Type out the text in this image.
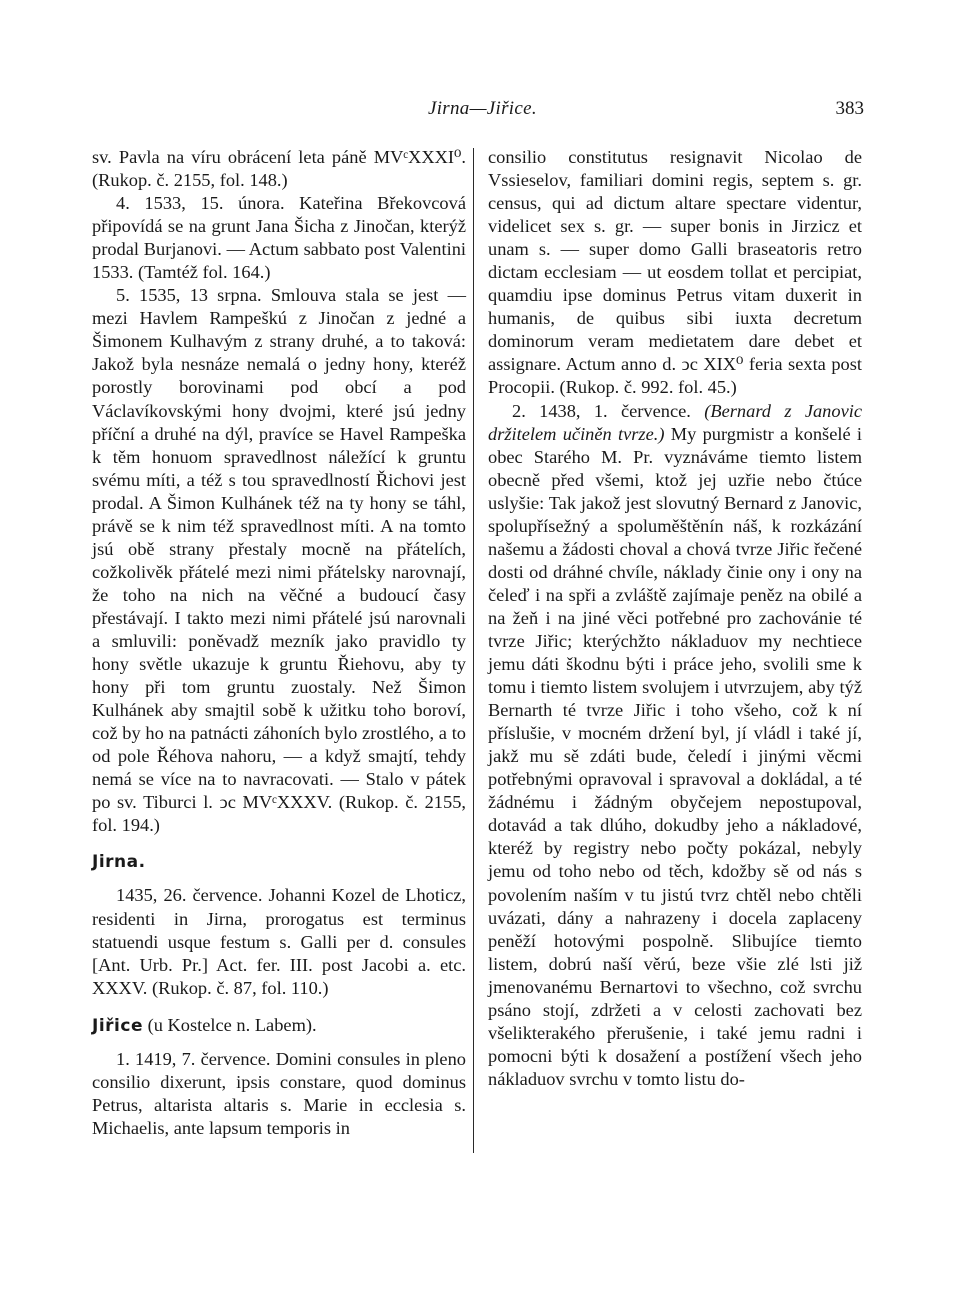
Jirna—Jiřice.	383

sv. Pavla na víru obrácení leta páně MVᶜXXXI⁰. (Rukop. č. 2155, fol. 148.)

4. 1533, 15. února. Kateřina Břekovcová připovídá se na grunt Jana Šicha z Jinočan, kterýž prodal Burjanovi. — Actum sabbato post Valentini 1533. (Tamtéž fol. 164.)

5. 1535, 13 srpna. Smlouva stala se jest — mezi Havlem Rampeškú z Jinočan z jedné a Šimonem Kulhavým z strany druhé, a to taková: Jakož byla nesnáze nemalá o jedny hony, kteréž porostly borovinami pod obcí a pod Václavíkovskými hony dvojmi, které jsú jedny příční a druhé na dýl, pravíce se Havel Rampeška k těm honuom spravedlnost náležící k gruntu svému míti, a též s tou spravedlností Řichovi jest prodal. A Šimon Kulhánek též na ty hony se táhl, právě se k nim též spravedlnost míti. A na tomto jsú obě strany přestaly mocně na přátelích, cožkolivěk přátelé mezi nimi přátelsky narovnají, že toho na nich na věčné a budoucí časy přestávají. I takto mezi nimi přátelé jsú narovnali a smluvili: poněvadž mezník jako pravidlo ty hony světle ukazuje k gruntu Řiehovu, aby ty hony při tom gruntu zuostaly. Než Šimon Kulhánek aby smajtil sobě k užitku toho boroví, což by ho na patnácti záhoních bylo zrostlého, a to od pole Řéhova nahoru, — a když smajtí, tehdy nemá se více na to navracovati. — Stalo v pátek po sv. Tiburci l. ↄc MVᶜXXXV. (Rukop. č. 2155, fol. 194.)

Jirna.

1435, 26. července. Johanni Kozel de Lhoticz, residenti in Jirna, prorogatus est terminus statuendi usque festum s. Galli per d. consules [Ant. Urb. Pr.] Act. fer. III. post Jacobi a. etc. XXXV. (Rukop. č. 87, fol. 110.)

Jiřice (u Kostelce n. Labem).

1. 1419, 7. července. Domini consules in pleno consilio dixerunt, ipsis constare, quod dominus Petrus, altarista altaris s. Marie in ecclesia s. Michaelis, ante lapsum temporis in

consilio constitutus resignavit Nicolao de Vssieselov, familiari domini regis, septem s. gr. census, qui ad dictum altare spectare videntur, videlicet sex s. gr. — super bonis in Jirzicz et unam s. — super domo Galli braseatoris retro dictam ecclesiam — ut eosdem tollat et percipiat, quamdiu ipse dominus Petrus vitam duxerit in humanis, de quibus sibi iuxta decretum dominorum veram medietatem dare debet et assignare. Actum anno d. ↄc XIX⁰ feria sexta post Procopii. (Rukop. č. 992. fol. 45.)

2. 1438, 1. července. (Bernard z Janovic držitelem učiněn tvrze.) My purgmistr a konšelé i obec Starého M. Pr. vyznáváme tiemto listem obecně před všemi, ktož jej uzřie nebo čtúce uslyšie: Tak jakož jest slovutný Bernard z Janovic, spolupřísežný a spoluměštěnín náš, k rozkázání našemu a žádosti choval a chová tvrze Jiřic řečené dosti od dráhné chvíle, náklady činie ony i ony na čeleď i na spři a zvláště zajímaje peněz na obilé a na žeň i na jiné věci potřebné pro zachovánie té tvrze Jiřic; kterýchžto nákladuov my nechtiece jemu dáti škodnu býti i práce jeho, svolili sme k tomu i tiemto listem svolujem i utvrzujem, aby týž Bernarth té tvrze Jiřic i toho všeho, což k ní příslušie, v mocném držení byl, jí vládl i také jí, jakž mu sě zdáti bude, čeledí i jinými věcmi potřebnými opravoval i spravoval a dokládal, a té žádnému i žádným obyčejem nepostupoval, dotavád a tak dlúho, dokudby jeho a nákladové, kteréž by registry nebo počty pokázal, nebyly jemu od toho nebo od těch, kdožby sě od nás s povolením naším v tu jistú tvrz chtěl nebo chtěli uvázati, dány a nahrazeny i docela zaplaceny peněží hotovými pospolně. Slibujíce tiemto listem, dobrú naší věrú, beze všie zlé lsti již jmenovanému Bernartovi to všechno, což svrchu psáno stojí, zdržeti a v celosti zachovati bez všelikterakého přerušenie, i také jemu radni i pomocni býti k dosažení a postížení všech jeho nákladuov svrchu v tomto listu do-
